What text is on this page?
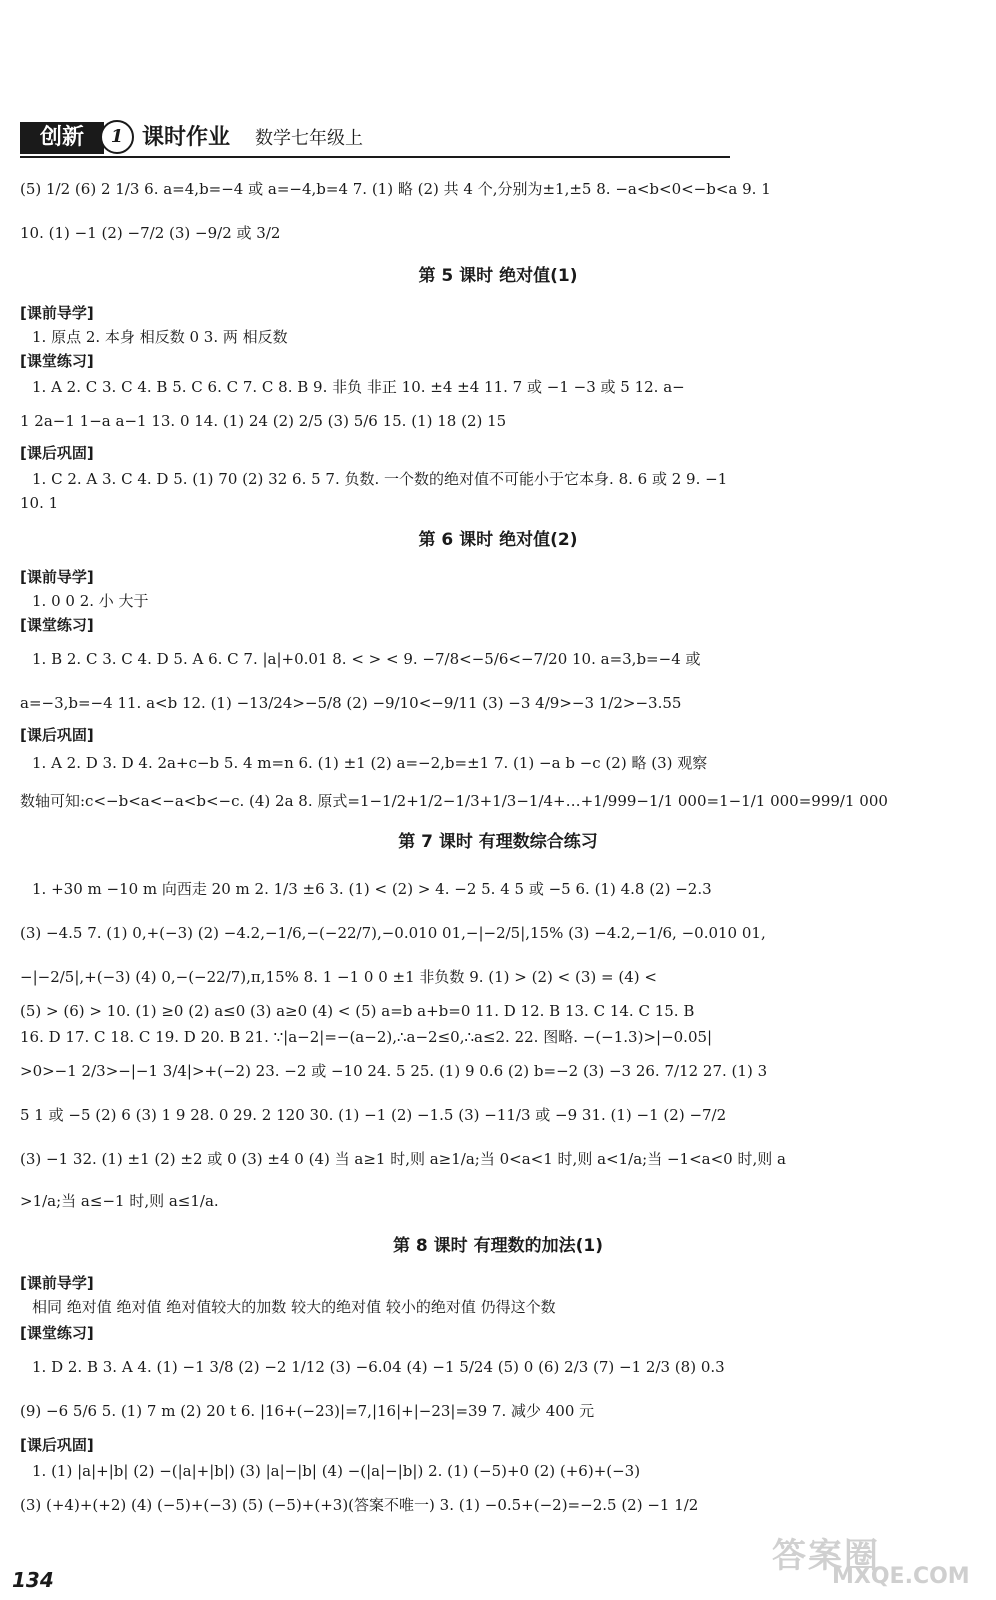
创新	1 课时作业 数学七年级上
(5) 1/2 (6) 2 1/3 6. a=4,b=−4 或 a=−4,b=4 7. (1) 略 (2) 共 4 个,分别为±1,±5 8. −a<b<0<−b<a 9. 1
10. (1) −1 (2) −7/2 (3) −9/2 或 3/2
第 5 课时 绝对值(1)
[课前导学]
1. 原点 2. 本身 相反数 0 3. 两 相反数
[课堂练习]
1. A 2. C 3. C 4. B 5. C 6. C 7. C 8. B 9. 非负 非正 10. ±4 ±4 11. 7 或 −1 −3 或 5 12. a−
1 2a−1 1−a a−1 13. 0 14. (1) 24 (2) 2/5 (3) 5/6 15. (1) 18 (2) 15
[课后巩固]
1. C 2. A 3. C 4. D 5. (1) 70 (2) 32 6. 5 7. 负数. 一个数的绝对值不可能小于它本身. 8. 6 或 2 9. −1
10. 1
第 6 课时 绝对值(2)
[课前导学]
1. 0 0 2. 小 大于
[课堂练习]
1. B 2. C 3. C 4. D 5. A 6. C 7. |a|+0.01 8. < > < 9. −7/8<−5/6<−7/20 10. a=3,b=−4 或
a=−3,b=−4 11. a<b 12. (1) −13/24>−5/8 (2) −9/10<−9/11 (3) −3 4/9>−3 1/2>−3.55
[课后巩固]
1. A 2. D 3. D 4. 2a+c−b 5. 4 m=n 6. (1) ±1 (2) a=−2,b=±1 7. (1) −a b −c (2) 略 (3) 观察
数轴可知:c<−b<a<−a<b<−c. (4) 2a 8. 原式=1−1/2+1/2−1/3+1/3−1/4+…+1/999−1/1 000=1−1/1 000=999/1 000
第 7 课时 有理数综合练习
1. +30 m −10 m 向西走 20 m 2. 1/3 ±6 3. (1) < (2) > 4. −2 5. 4 5 或 −5 6. (1) 4.8 (2) −2.3
(3) −4.5 7. (1) 0,+(−3) (2) −4.2,−1/6,−(−22/7),−0.010 01,−|−2/5|,15% (3) −4.2,−1/6, −0.010 01,
−|−2/5|,+(−3) (4) 0,−(−22/7),π,15% 8. 1 −1 0 0 ±1 非负数 9. (1) > (2) < (3) = (4) <
(5) > (6) > 10. (1) ≥0 (2) a≤0 (3) a≥0 (4) < (5) a=b a+b=0 11. D 12. B 13. C 14. C 15. B
16. D 17. C 18. C 19. D 20. B 21. ∵|a−2|=−(a−2),∴a−2≤0,∴a≤2. 22. 图略. −(−1.3)>|−0.05|
>0>−1 2/3>−|−1 3/4|>+(−2) 23. −2 或 −10 24. 5 25. (1) 9 0.6 (2) b=−2 (3) −3 26. 7/12 27. (1) 3
5 1 或 −5 (2) 6 (3) 1 9 28. 0 29. 2 120 30. (1) −1 (2) −1.5 (3) −11/3 或 −9 31. (1) −1 (2) −7/2
(3) −1 32. (1) ±1 (2) ±2 或 0 (3) ±4 0 (4) 当 a≥1 时,则 a≥1/a;当 0<a<1 时,则 a<1/a;当 −1<a<0 时,则 a
>1/a;当 a≤−1 时,则 a≤1/a.
第 8 课时 有理数的加法(1)
[课前导学]
相同 绝对值 绝对值 绝对值较大的加数 较大的绝对值 较小的绝对值 仍得这个数
[课堂练习]
1. D 2. B 3. A 4. (1) −1 3/8 (2) −2 1/12 (3) −6.04 (4) −1 5/24 (5) 0 (6) 2/3 (7) −1 2/3 (8) 0.3
(9) −6 5/6 5. (1) 7 m (2) 20 t 6. |16+(−23)|=7,|16|+|−23|=39 7. 减少 400 元
[课后巩固]
1. (1) |a|+|b| (2) −(|a|+|b|) (3) |a|−|b| (4) −(|a|−|b|) 2. (1) (−5)+0 (2) (+6)+(−3)
(3) (+4)+(+2) (4) (−5)+(−3) (5) (−5)+(+3)(答案不唯一) 3. (1) −0.5+(−2)=−2.5 (2) −1 1/2
答案圈
MXQE.COM
134
